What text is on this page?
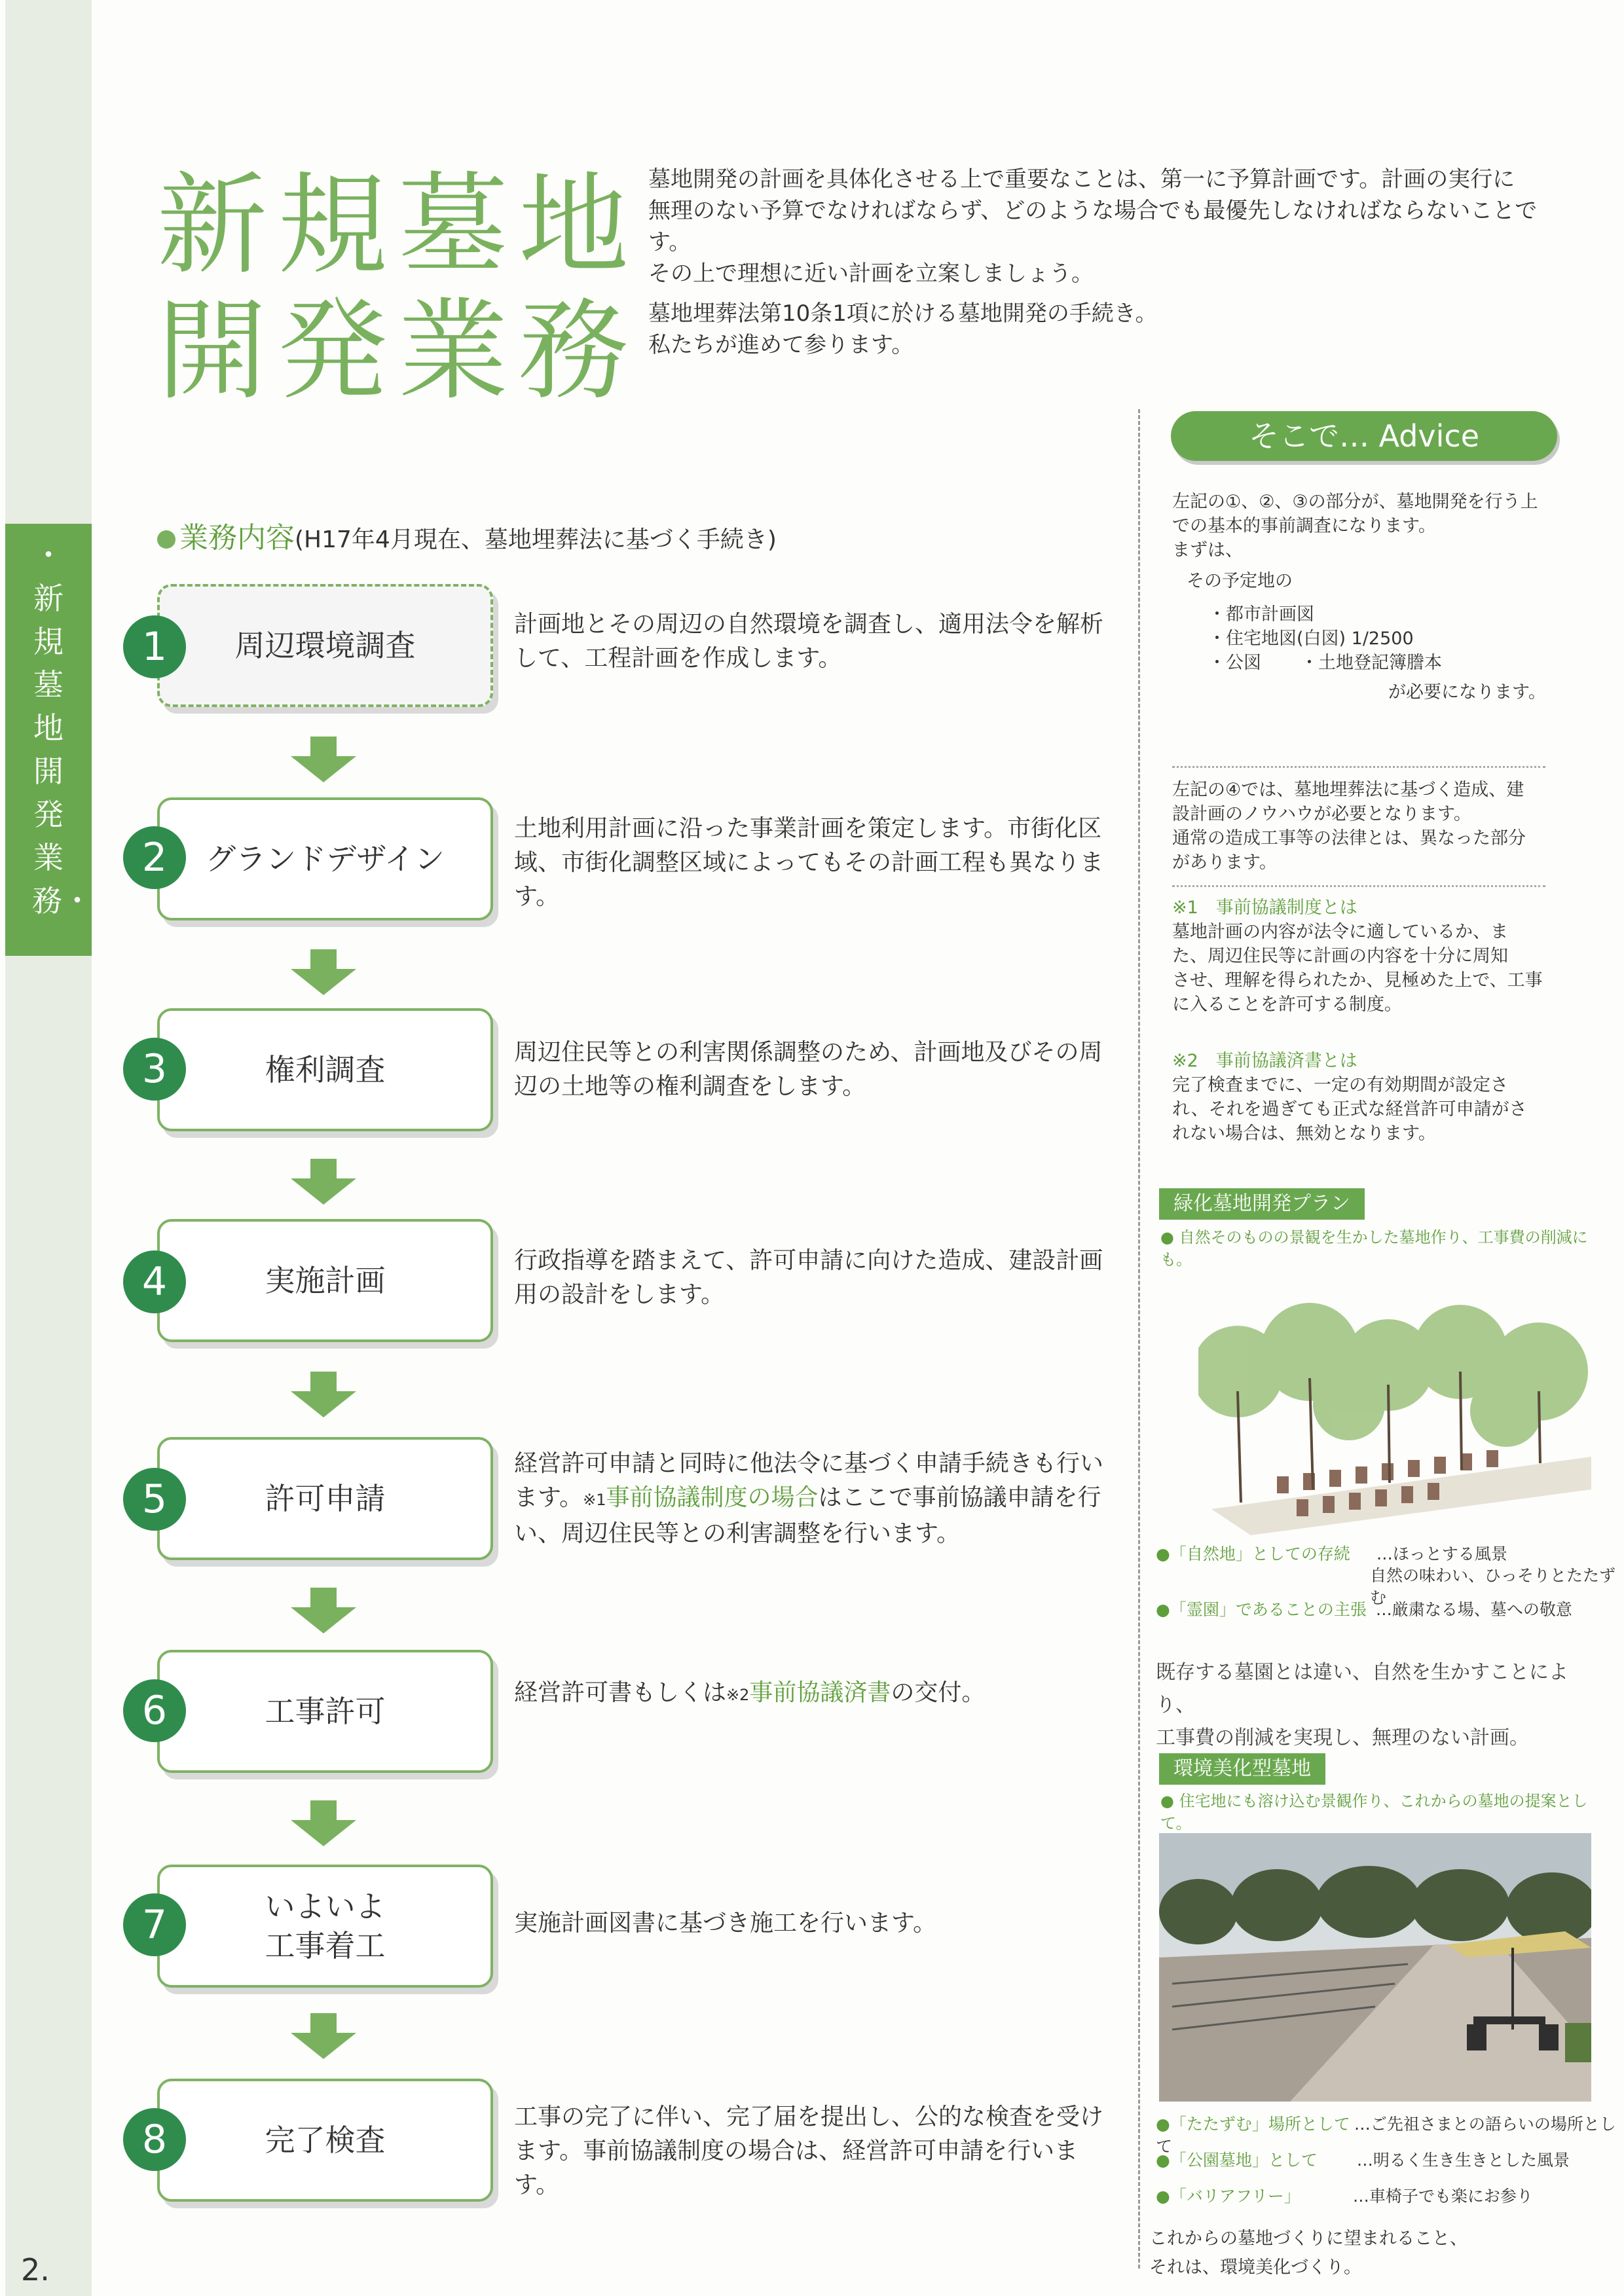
・新規墓地開発業務・
2.
新規墓地
開発業務
墓地開発の計画を具体化させる上で重要なことは、第一に予算計画です。計画の実行に
無理のない予算でなければならず、どのような場合でも最優先しなければならないことです。
その上で理想に近い計画を立案しましょう。
墓地埋葬法第10条1項に於ける墓地開発の手続き。
私たちが進めて参ります。
業務内容(H17年4月現在、墓地埋葬法に基づく手続き)
周辺環境調査
1	計画地とその周辺の自然環境を調査し、適用法令を解析して、工程計画を作成します。
グランドデザイン
2
土地利用計画に沿った事業計画を策定します。市街化区域、市街化調整区域によってもその計画工程も異なります。
権利調査
3	周辺住民等との利害関係調整のため、計画地及びその周辺の土地等の権利調査をします。
実施計画
4	行政指導を踏まえて、許可申請に向けた造成、建設計画用の設計をします。
許可申請
5
経営許可申請と同時に他法令に基づく申請手続きも行います。※1事前協議制度の場合はここで事前協議申請を行い、周辺住民等との利害調整を行います。
工事許可
6	経営許可書もしくは※2事前協議済書の交付。
いよいよ
工事着工
7	実施計画図書に基づき施工を行います。
完了検査
8	工事の完了に伴い、完了届を提出し、公的な検査を受けます。事前協議制度の場合は、経営許可申請を行います。
そこで… Advice
左記の①、②、③の部分が、墓地開発を行う上
での基本的事前調査になります。
まずは、
その予定地の
・都市計画図
・住宅地図(白図) 1/2500
・公図 ・土地登記簿謄本
が必要になります。
左記の④では、墓地埋葬法に基づく造成、建
設計画のノウハウが必要となります。
通常の造成工事等の法律とは、異なった部分
があります。
※1　事前協議制度とは
墓地計画の内容が法令に適しているか、ま
た、周辺住民等に計画の内容を十分に周知
させ、理解を得られたか、見極めた上で、工事
に入ることを許可する制度。
※2　事前協議済書とは
完了検査までに、一定の有効期間が設定さ
れ、それを過ぎても正式な経営許可申請がさ
れない場合は、無効となります。
緑化墓地開発プラン
● 自然そのものの景観を生かした墓地作り、工事費の削減にも。
●「自然地」としての存続 …ほっとする風景
自然の味わい、ひっそりとたたずむ
●「霊園」であることの主張 …厳粛なる場、墓への敬意
既存する墓園とは違い、自然を生かすことにより、
工事費の削減を実現し、無理のない計画。
環境美化型墓地
● 住宅地にも溶け込む景観作り、これからの墓地の提案として。
●「たたずむ」場所として …ご先祖さまとの語らいの場所として
●「公園墓地」として …明るく生き生きとした風景
●「バリアフリー」	…車椅子でも楽にお参り
これからの墓地づくりに望まれること、
それは、環境美化づくり。
